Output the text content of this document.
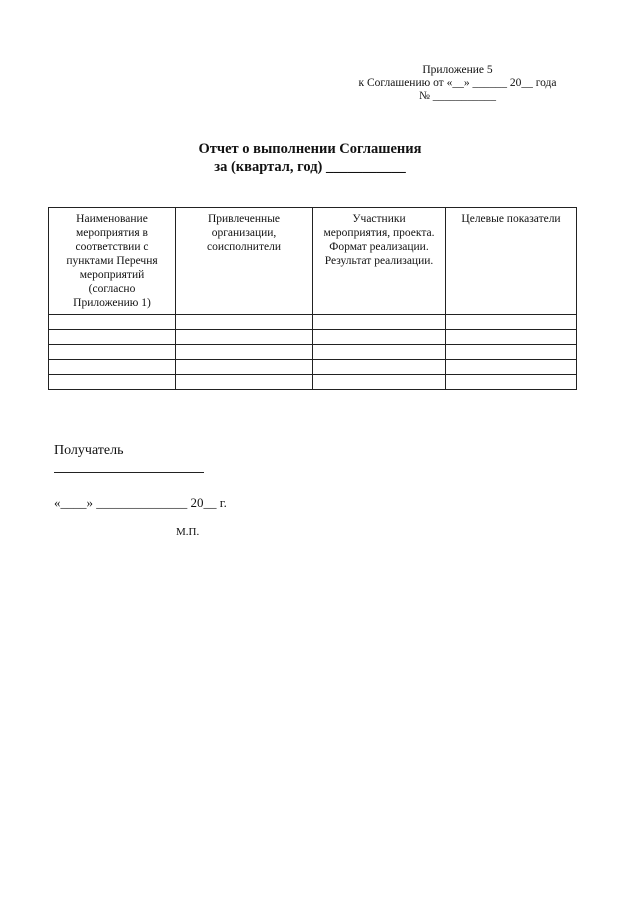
Приложение 5
к Соглашению от «__» ______ 20__ года
№ ___________
Отчет о выполнении Соглашения
за (квартал, год) ___________
Наименование мероприятия в соответствии с пунктами Перечня мероприятий (согласно Приложению 1)	Привлеченные организации, соисполнители	Участники мероприятия, проекта. Формат реализации. Результат реализации.	Целевые показатели

Получатель
«____» ______________ 20__ г.
М.П.
